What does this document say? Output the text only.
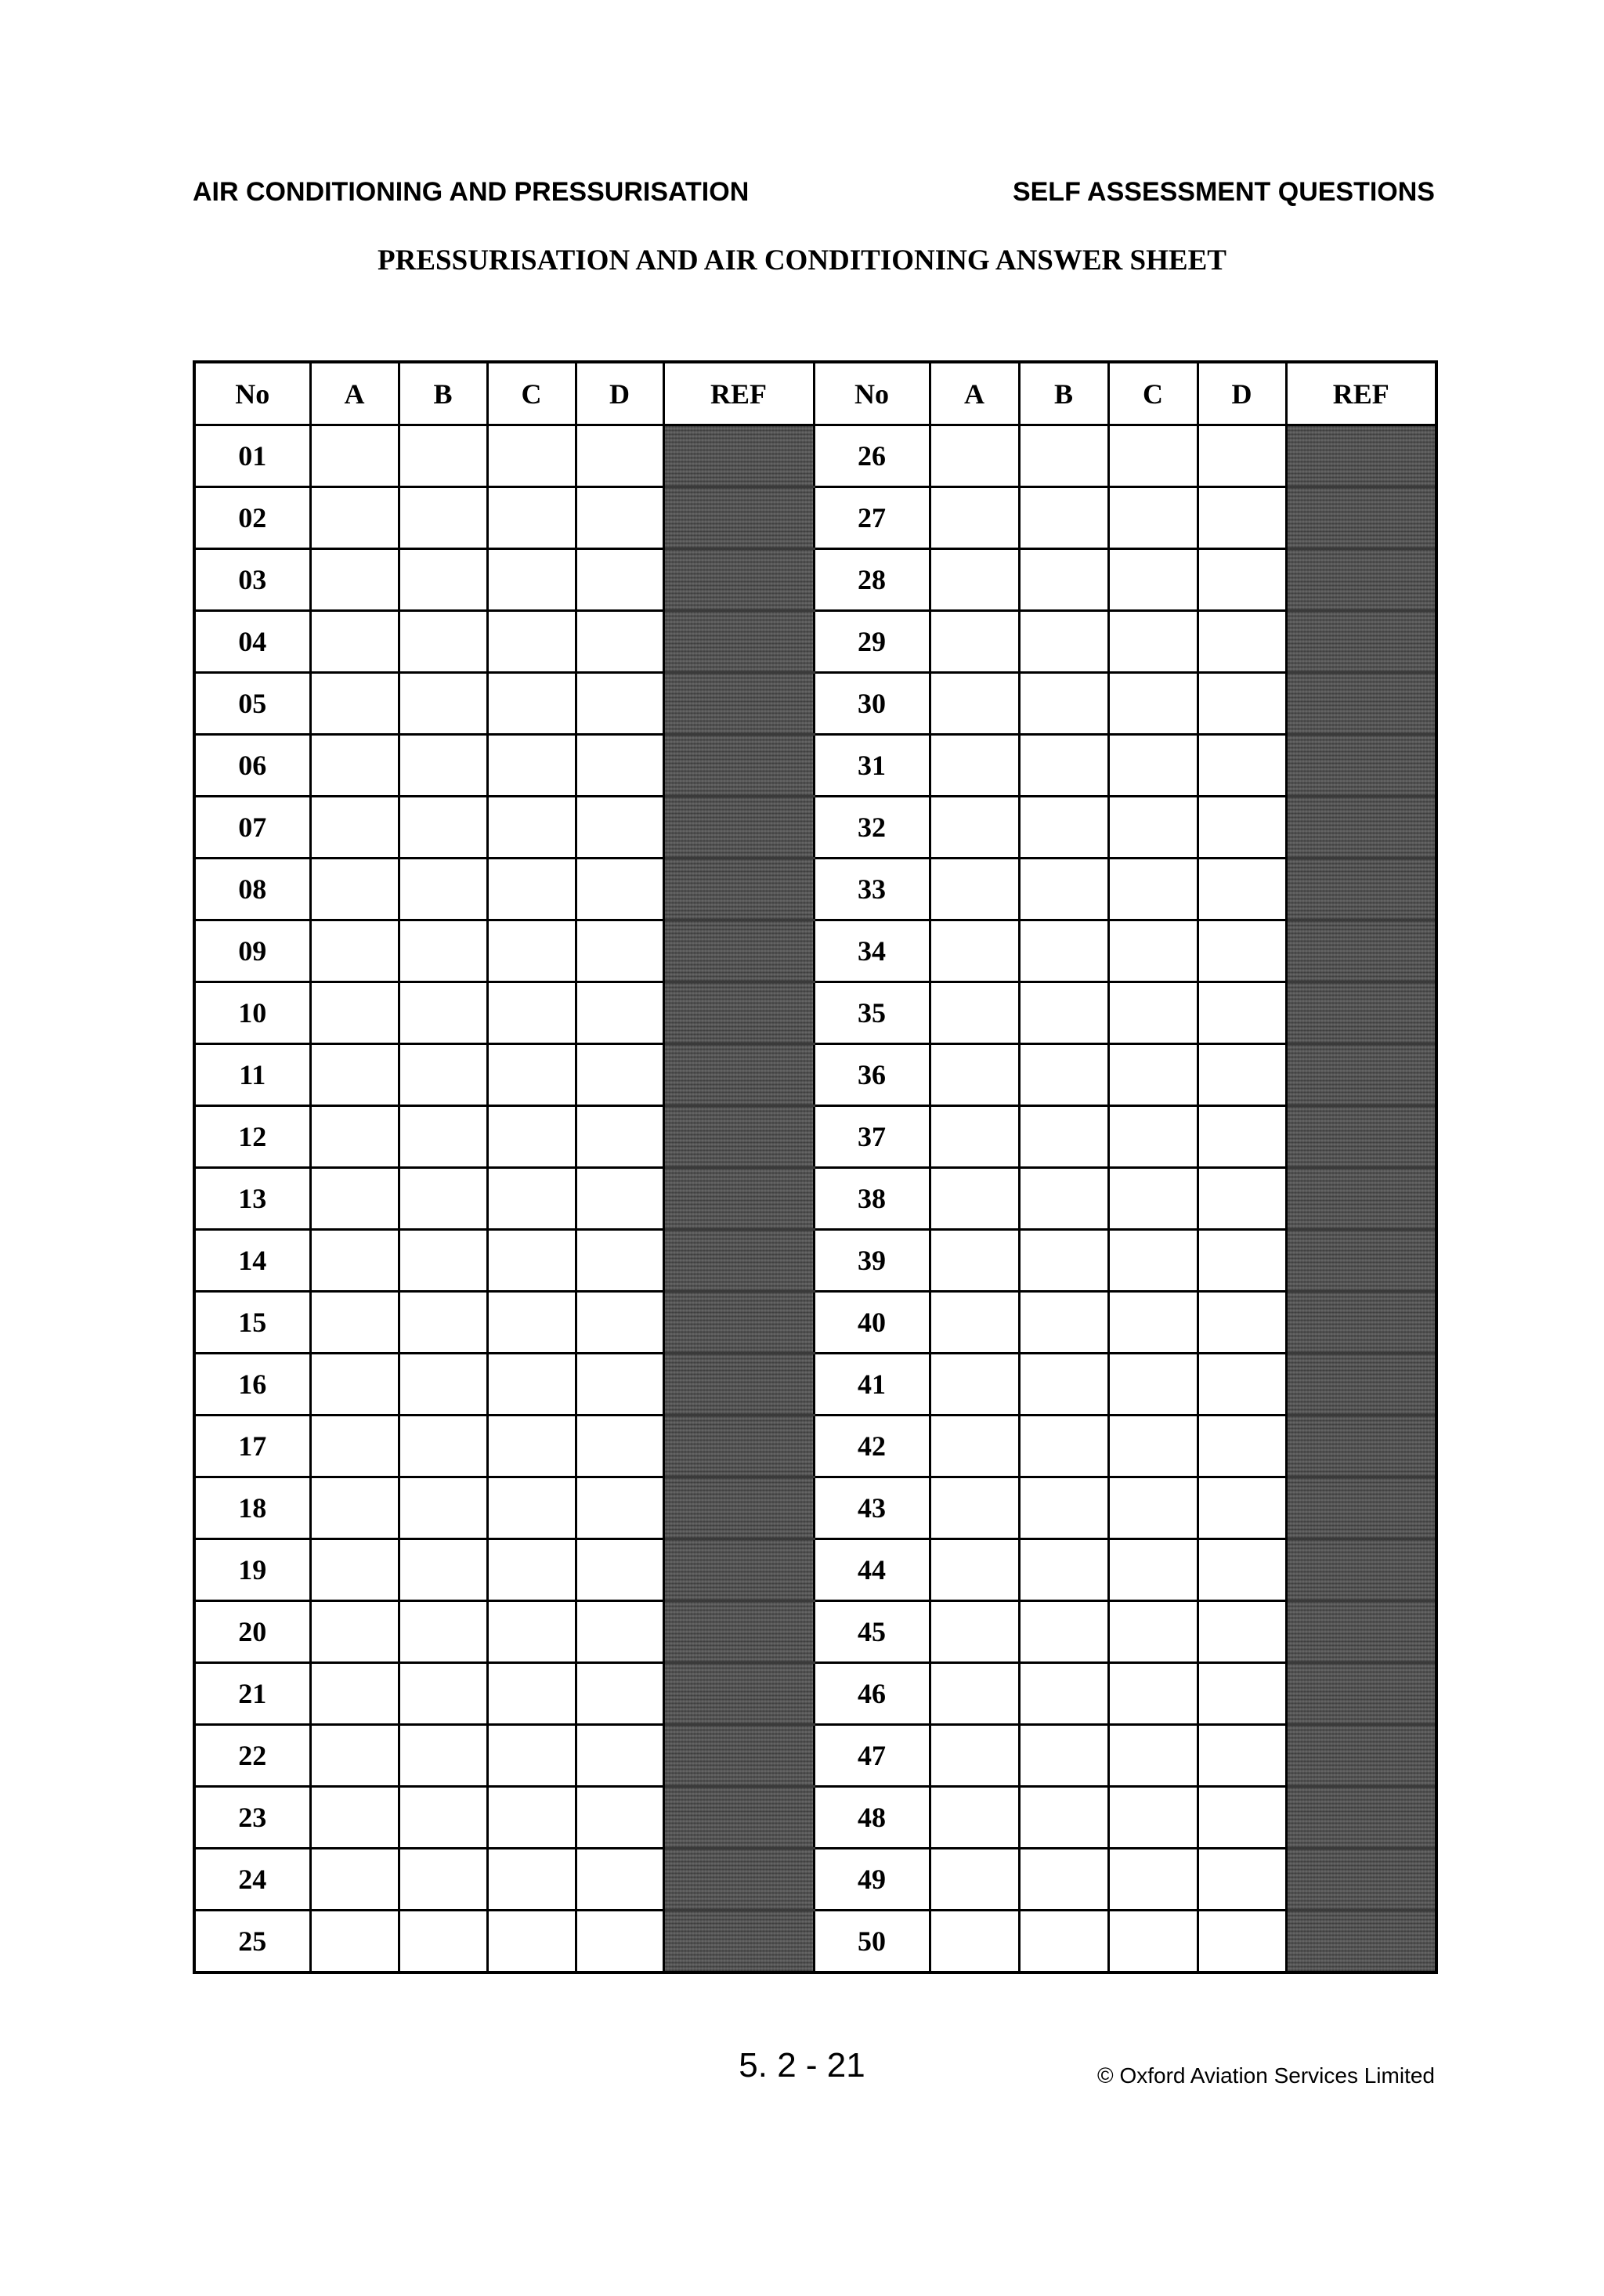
AIR CONDITIONING AND PRESSURISATION	SELF ASSESSMENT QUESTIONS
PRESSURISATION AND AIR CONDITIONING ANSWER SHEET
No	A	B	C	D	REF	No	A	B	C	D	REF
01						26					
02						27					
03						28					
04						29					
05						30					
06						31					
07						32					
08						33					
09						34					
10						35					
11						36					
12						37					
13						38					
14						39					
15						40					
16						41					
17						42					
18						43					
19						44					
20						45					
21						46					
22						47					
23						48					
24						49					
25						50					
5. 2 - 21	© Oxford Aviation Services Limited
